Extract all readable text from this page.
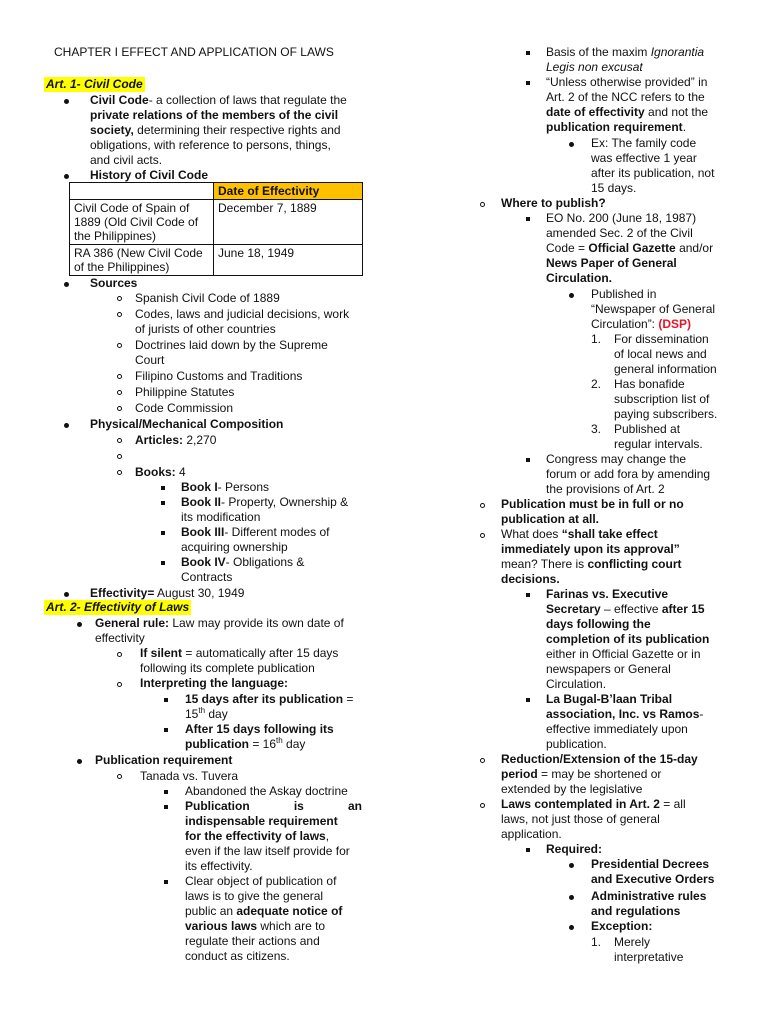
CHAPTER I EFFECT AND APPLICATION OF LAWS
Art. 1- Civil Code
Civil Code- a collection of laws that regulate the
private relations of the members of the civil
society, determining their respective rights and
obligations, with reference to persons, things,
and civil acts.
History of Civil Code
	Date of Effectivity
Civil Code of Spain of 1889 (Old Civil Code of the Philippines)	December 7, 1889
RA 386 (New Civil Code of the Philippines)	June 18, 1949
Sources
Spanish Civil Code of 1889
Codes, laws and judicial decisions, work
of jurists of other countries
Doctrines laid down by the Supreme
Court
Filipino Customs and Traditions
Philippine Statutes
Code Commission
Physical/Mechanical Composition
Articles: 2,270
Books: 4
Book I- Persons
Book II- Property, Ownership &
its modification
Book III- Different modes of
acquiring ownership
Book IV- Obligations &
Contracts
Effectivity= August 30, 1949
Art. 2- Effectivity of Laws
General rule: Law may provide its own date of
effectivity
If silent = automatically after 15 days
following its complete publication
Interpreting the language:
15 days after its publication =
15th day
After 15 days following its
publication = 16th day
Publication requirement
Tanada vs. Tuvera
Abandoned the Askay doctrine
Publication is an
indispensable requirement
for the effectivity of laws,
even if the law itself provide for
its effectivity.
Clear object of publication of
laws is to give the general
public an adequate notice of
various laws which are to
regulate their actions and
conduct as citizens.
Basis of the maxim Ignorantia
Legis non excusat
“Unless otherwise provided” in
Art. 2 of the NCC refers to the
date of effectivity and not the
publication requirement.
Ex: The family code
was effective 1 year
after its publication, not
15 days.
Where to publish?
EO No. 200 (June 18, 1987)
amended Sec. 2 of the Civil
Code = Official Gazette and/or
News Paper of General
Circulation.
Published in
“Newspaper of General
Circulation”: (DSP)
1. For dissemination
of local news and
general information
2. Has bonafide
subscription list of
paying subscribers.
3. Published at
regular intervals.
Congress may change the
forum or add fora by amending
the provisions of Art. 2
Publication must be in full or no
publication at all.
What does “shall take effect
immediately upon its approval”
mean? There is conflicting court
decisions.
Farinas vs. Executive
Secretary – effective after 15
days following the
completion of its publication
either in Official Gazette or in
newspapers or General
Circulation.
La Bugal-B’laan Tribal
association, Inc. vs Ramos-
effective immediately upon
publication.
Reduction/Extension of the 15-day
period = may be shortened or
extended by the legislative
Laws contemplated in Art. 2 = all
laws, not just those of general
application.
Required:
Presidential Decrees
and Executive Orders
Administrative rules
and regulations
Exception:
1. Merely
interpretative
